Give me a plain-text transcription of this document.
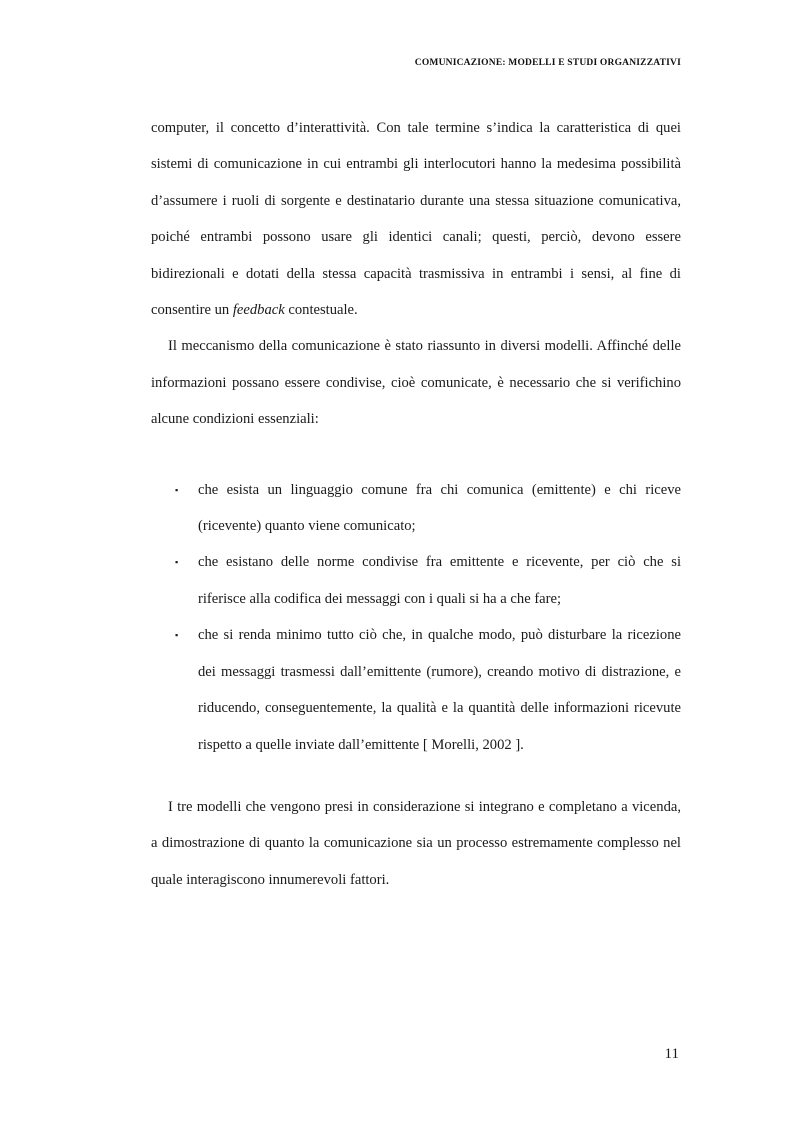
COMUNICAZIONE: MODELLI E STUDI ORGANIZZATIVI

computer, il concetto d’interattività. Con tale termine s’indica la caratteristica di quei sistemi di comunicazione in cui entrambi gli interlocutori hanno la medesima possibilità d’assumere i ruoli di sorgente e destinatario durante una stessa situazione comunicativa, poiché entrambi possono usare gli identici canali; questi, perciò, devono essere bidirezionali e dotati della stessa capacità trasmissiva in entrambi i sensi, al fine di consentire un feedback contestuale.

Il meccanismo della comunicazione è stato riassunto in diversi modelli. Affinché delle informazioni possano essere condivise, cioè comunicate, è necessario che si verifichino alcune condizioni essenziali:

▪ che esista un linguaggio comune fra chi comunica (emittente) e chi riceve (ricevente) quanto viene comunicato;
▪ che esistano delle norme condivise fra emittente e ricevente, per ciò che si riferisce alla codifica dei messaggi con i quali si ha a che fare;
▪ che si renda minimo tutto ciò che, in qualche modo, può disturbare la ricezione dei messaggi trasmessi dall’emittente (rumore), creando motivo di distrazione, e riducendo, conseguentemente, la qualità e la quantità delle informazioni ricevute rispetto a quelle inviate dall’emittente [ Morelli, 2002 ].

I tre modelli che vengono presi in considerazione si integrano e completano a vicenda, a dimostrazione di quanto la comunicazione sia un processo estremamente complesso nel quale interagiscono innumerevoli fattori.

11
